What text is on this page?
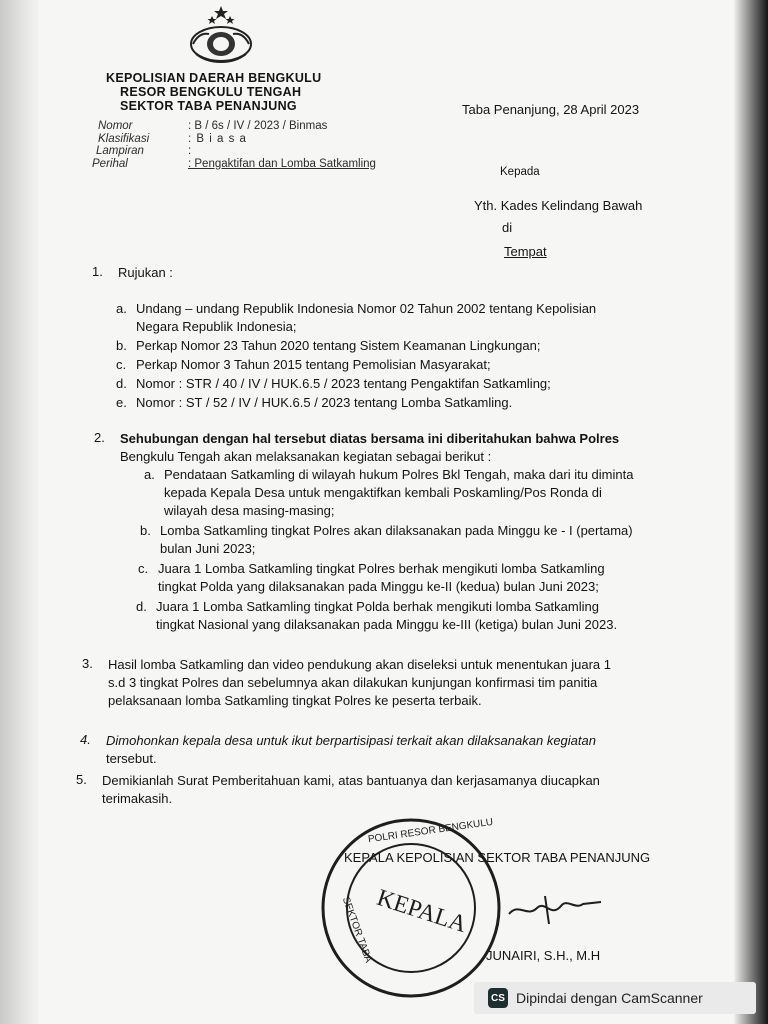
KEPOLISIAN DAERAH BENGKULU
RESOR BENGKULU TENGAH
SEKTOR TABA PENANJUNG	Taba Penanjung, 28 April 2023
Nomor
Klasifikasi
Lampiran
Perihal
: B / 6s / IV / 2023 / Binmas
: B i a s a
:
: Pengaktifan dan Lomba Satkamling
Kepada
Yth. Kades Kelindang Bawah
di
Tempat
1. Rujukan :
a. Undang – undang Republik Indonesia Nomor 02 Tahun 2002 tentang Kepolisian
Negara Republik Indonesia;
b. Perkap Nomor 23 Tahun 2020 tentang Sistem Keamanan Lingkungan;
c. Perkap Nomor 3 Tahun 2015 tentang Pemolisian Masyarakat;
d. Nomor : STR / 40 / IV / HUK.6.5 / 2023 tentang Pengaktifan Satkamling;
e. Nomor : ST / 52 / IV / HUK.6.5 / 2023 tentang Lomba Satkamling.
2. Sehubungan dengan hal tersebut diatas bersama ini diberitahukan bahwa Polres
Bengkulu Tengah akan melaksanakan kegiatan sebagai berikut :
a. Pendataan Satkamling di wilayah hukum Polres Bkl Tengah, maka dari itu diminta
kepada Kepala Desa untuk mengaktifkan kembali Poskamling/Pos Ronda di
wilayah desa masing-masing;
b. Lomba Satkamling tingkat Polres akan dilaksanakan pada Minggu ke - I (pertama)
bulan Juni 2023;
c. Juara 1 Lomba Satkamling tingkat Polres berhak mengikuti lomba Satkamling
tingkat Polda yang dilaksanakan pada Minggu ke-II (kedua) bulan Juni 2023;
d. Juara 1 Lomba Satkamling tingkat Polda berhak mengikuti lomba Satkamling
tingkat Nasional yang dilaksanakan pada Minggu ke-III (ketiga) bulan Juni 2023.
3. Hasil lomba Satkamling dan video pendukung akan diseleksi untuk menentukan juara 1
s.d 3 tingkat Polres dan sebelumnya akan dilakukan kunjungan konfirmasi tim panitia
pelaksanaan lomba Satkamling tingkat Polres ke peserta terbaik.
4. Dimohonkan kepala desa untuk ikut berpartisipasi terkait akan dilaksanakan kegiatan
tersebut.
5. Demikianlah Surat Pemberitahuan kami, atas bantuanya dan kerjasamanya diucapkan
terimakasih.
POLRI RESOR BENGKULU
SEKTOR TABA KEPALA
KEPALA KEPOLISIAN SEKTOR TABA PENANJUNG
JUNAIRI, S.H., M.H
CS Dipindai dengan CamScanner
